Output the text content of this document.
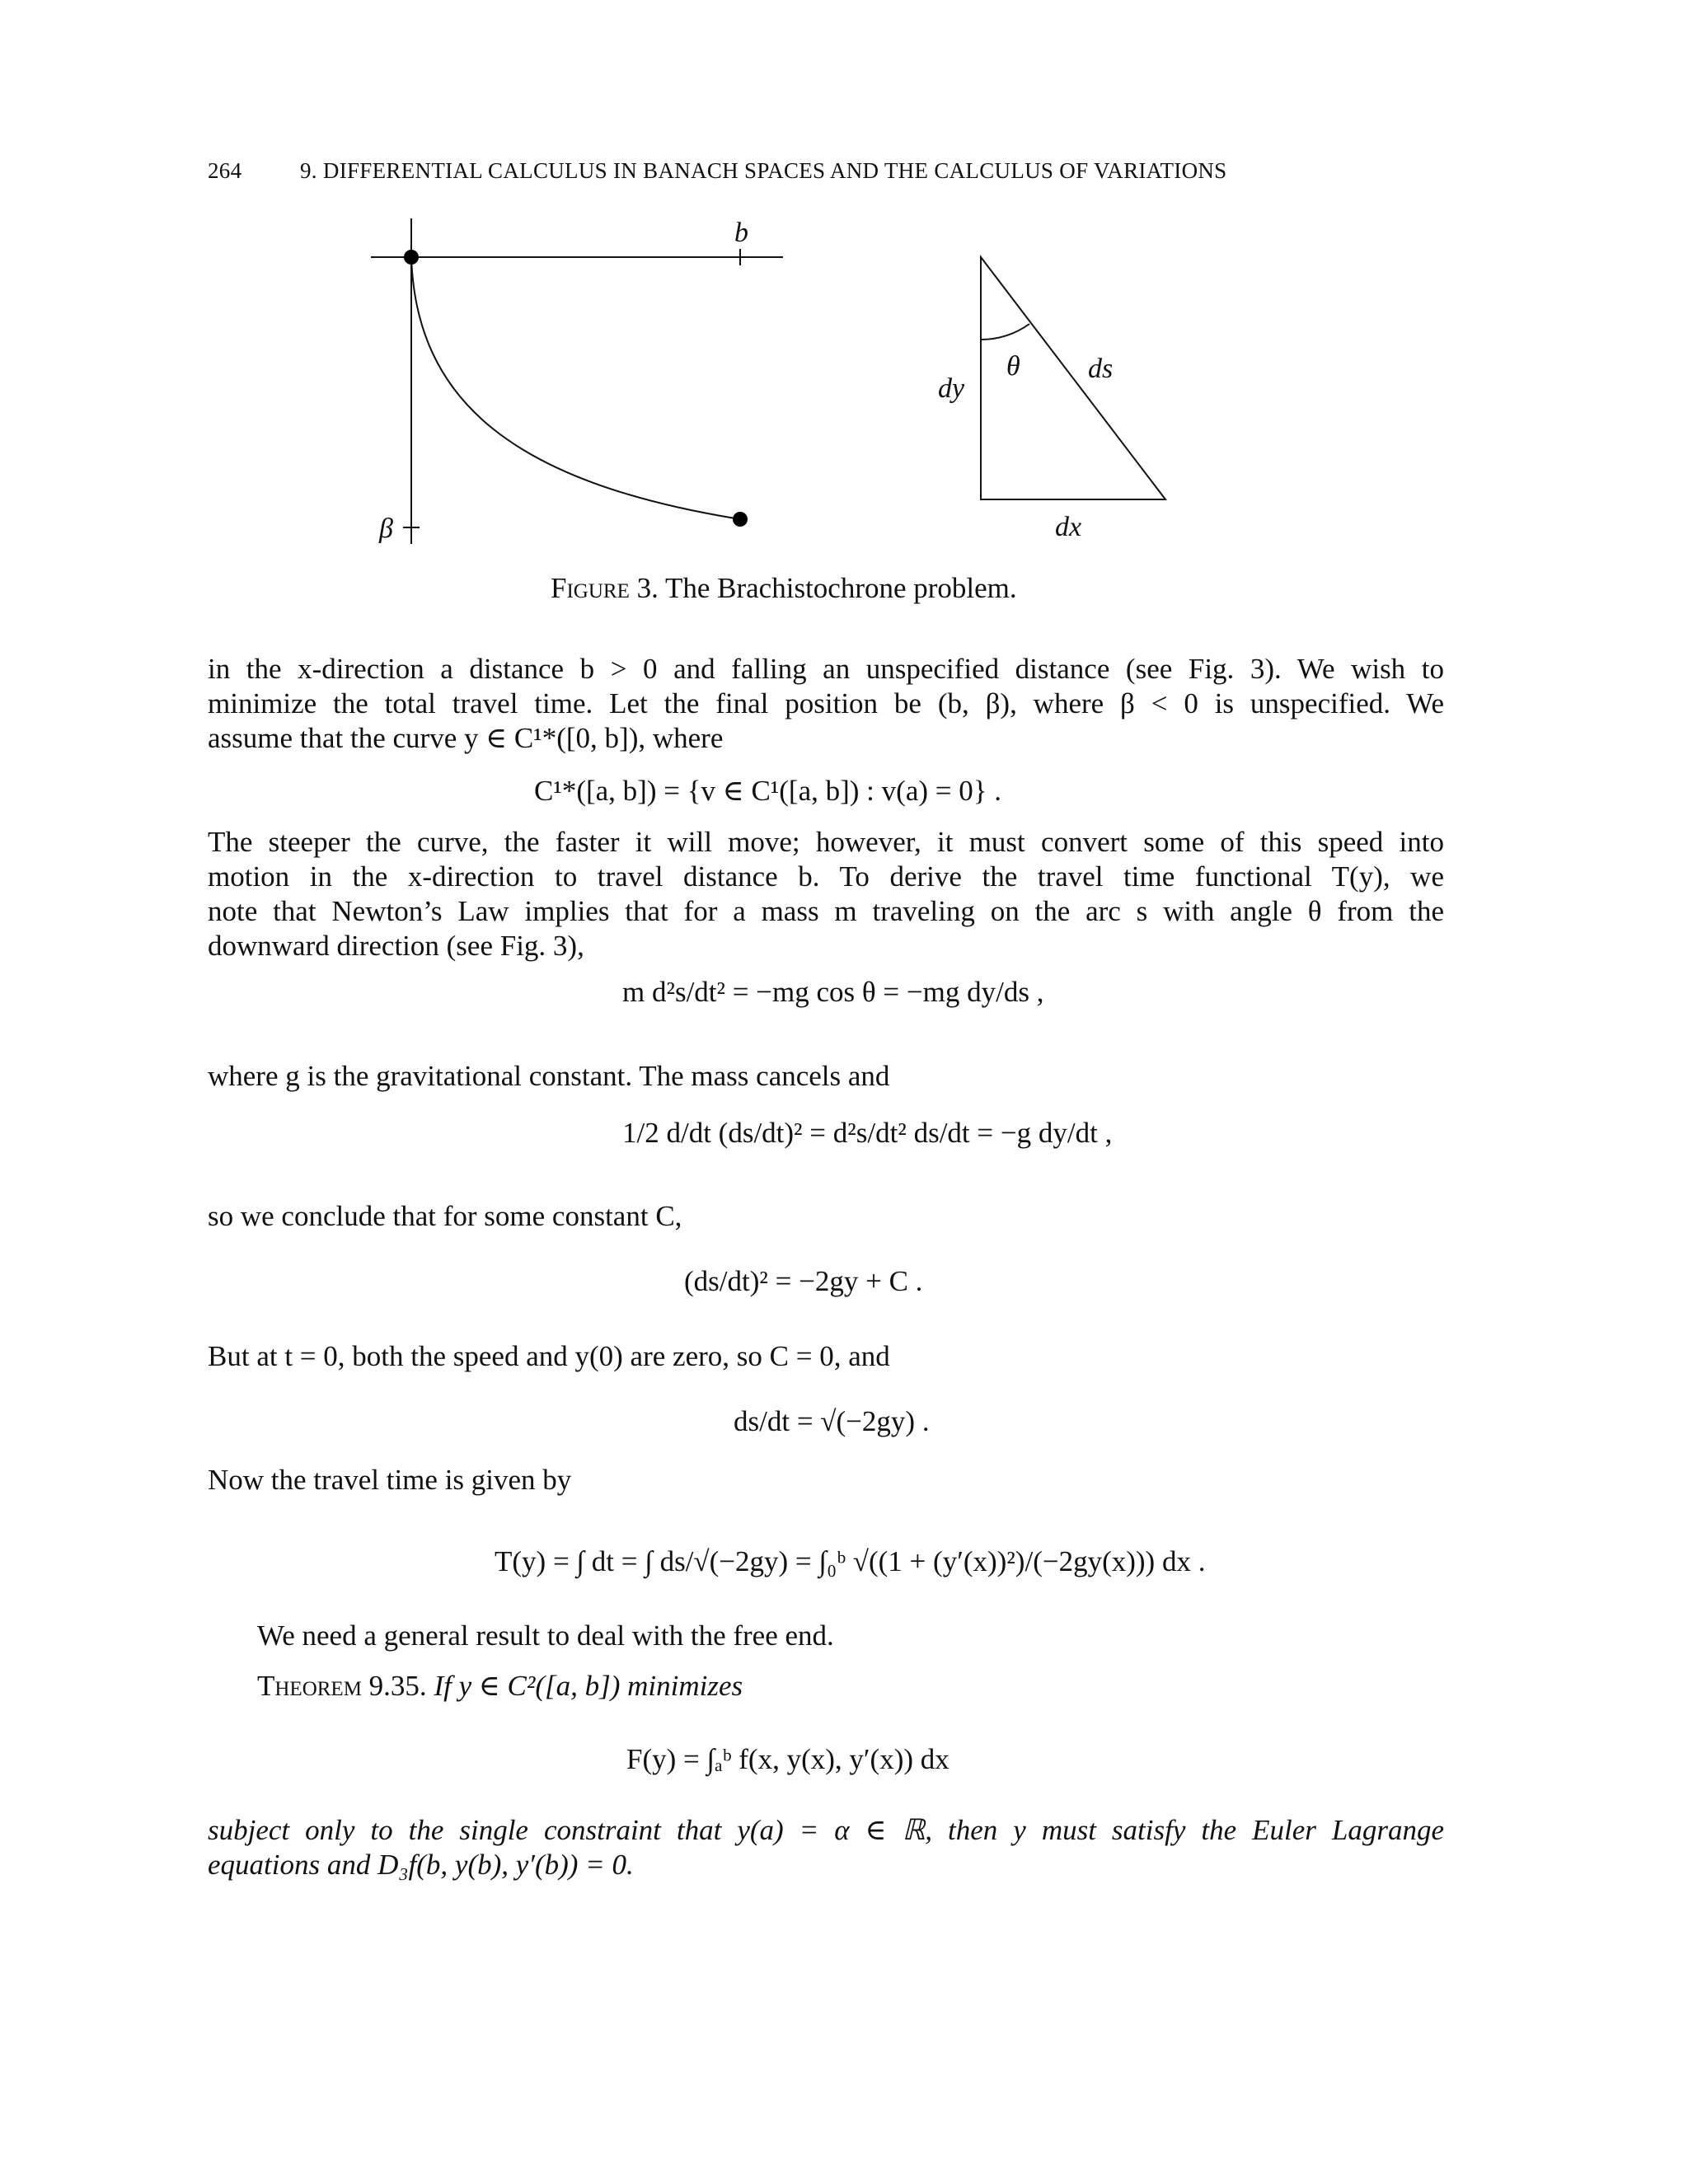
264	9. DIFFERENTIAL CALCULUS IN BANACH SPACES AND THE CALCULUS OF VARIATIONS
b
β
dy
θ ds
dx
Figure 3. The Brachistochrone problem.
in the x-direction a distance b > 0 and falling an unspecified distance (see Fig. 3). We wish to
minimize the total travel time. Let the final position be (b, β), where β < 0 is unspecified. We
assume that the curve y ∈ C¹*([0, b]), where
C¹*([a, b]) = {v ∈ C¹([a, b]) : v(a) = 0} .
The steeper the curve, the faster it will move; however, it must convert some of this speed into
motion in the x-direction to travel distance b. To derive the travel time functional T(y), we
note that Newton’s Law implies that for a mass m traveling on the arc s with angle θ from the
downward direction (see Fig. 3),
m d²s/dt² = −mg cos θ = −mg dy/ds ,
where g is the gravitational constant. The mass cancels and
1/2 d/dt (ds/dt)² = d²s/dt² ds/dt = −g dy/dt ,
so we conclude that for some constant C,
(ds/dt)² = −2gy + C .
But at t = 0, both the speed and y(0) are zero, so C = 0, and
ds/dt = √(−2gy) .
Now the travel time is given by
T(y) = ∫ dt = ∫ ds/√(−2gy) = ∫₀ᵇ √((1 + (y′(x))²)/(−2gy(x))) dx .
We need a general result to deal with the free end.
Theorem 9.35. If y ∈ C²([a, b]) minimizes
F(y) = ∫ₐᵇ f(x, y(x), y′(x)) dx
subject only to the single constraint that y(a) = α ∈ ℝ, then y must satisfy the Euler Lagrange
equations and D₃f(b, y(b), y′(b)) = 0.
